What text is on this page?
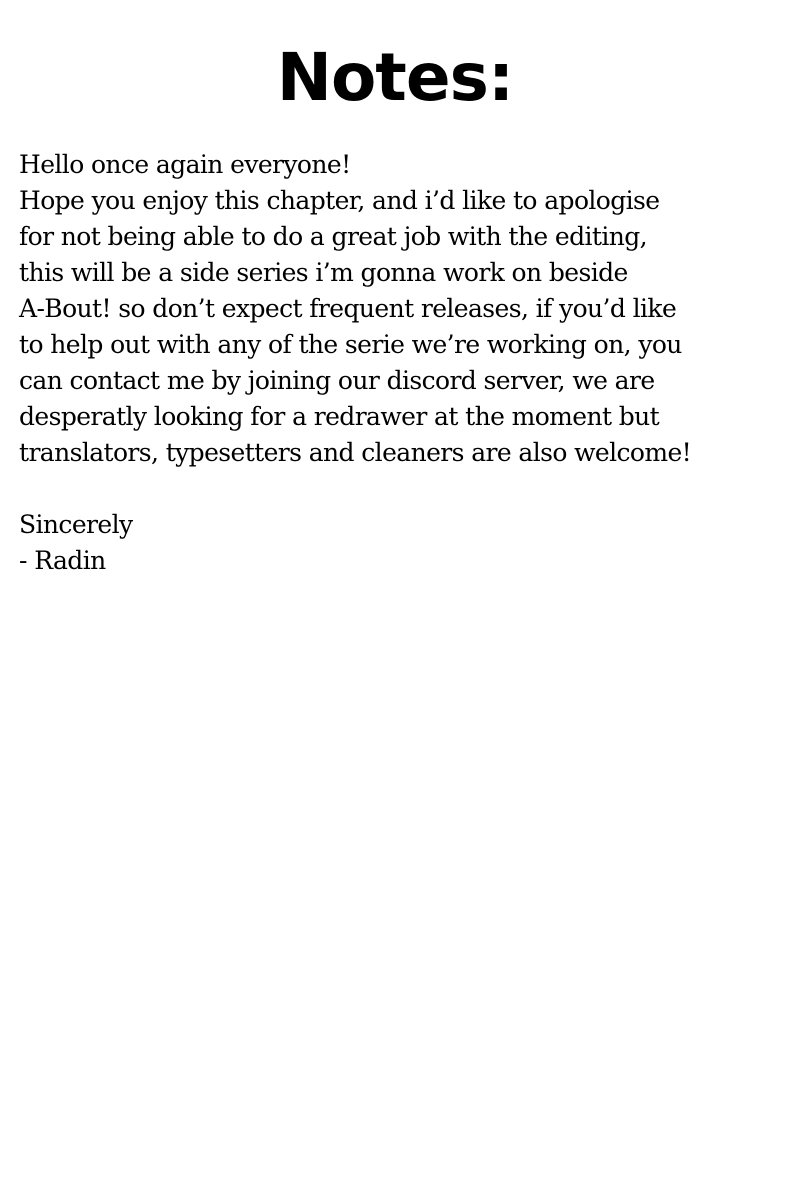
Notes:
Hello once again everyone!
Hope you enjoy this chapter, and i’d like to apologise
for not being able to do a great job with the editing,
this will be a side series i’m gonna work on beside
A-Bout! so don’t expect frequent releases, if you’d like
to help out with any of the serie we’re working on, you
can contact me by joining our discord server, we are
desperatly looking for a redrawer at the moment but
translators, typesetters and cleaners are also welcome!
Sincerely
- Radin
